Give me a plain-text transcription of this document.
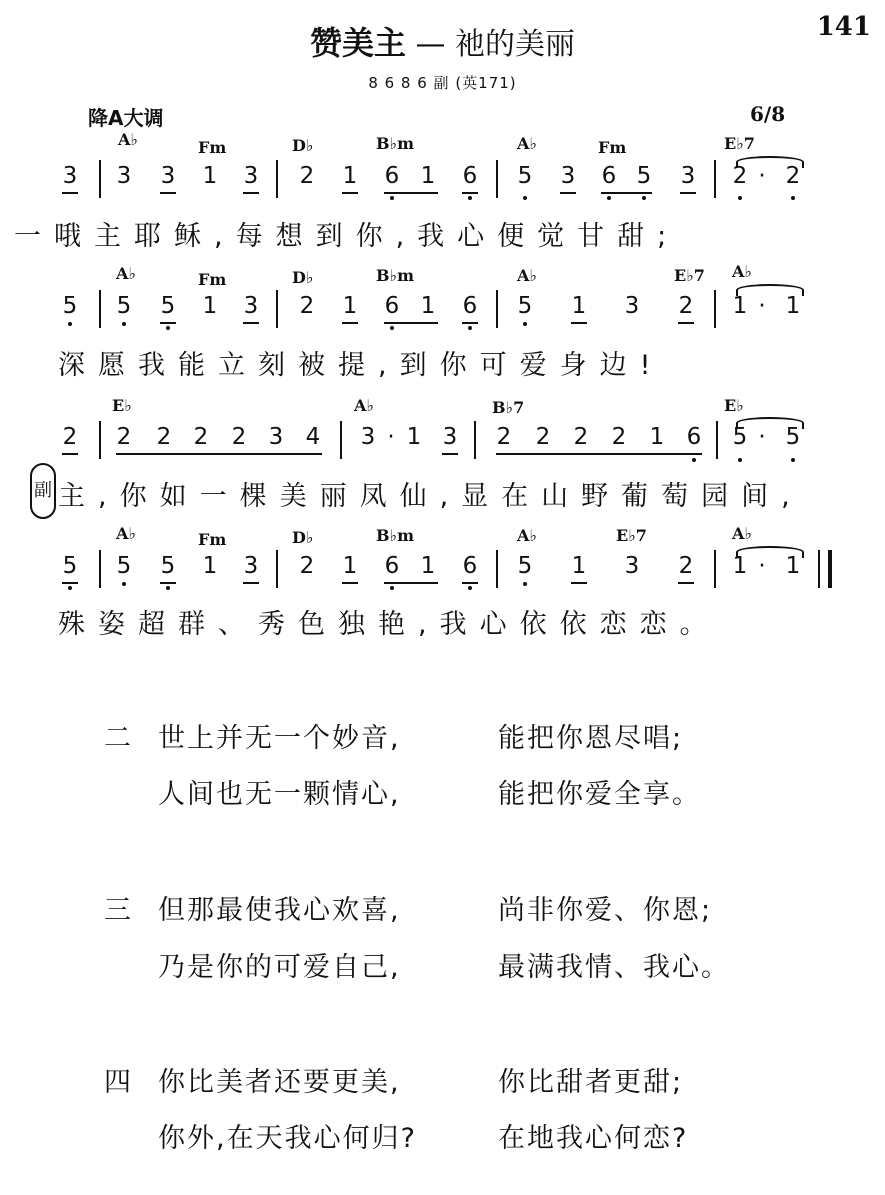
赞美主 — 祂的美丽	141
8 6 8 6 副 (英171)
降A大调	6/8
A♭	Fm	D♭	B♭m	A♭	Fm	E♭7
3 3 3 1 3 2 1 6 1 6 5 3 6 5 3 2 · 2
一哦主耶稣,每想到你,我心便觉甘甜;
A♭	Fm	D♭	B♭m	A♭	E♭7 A♭
5 5 5 1 3 2 1 6 1 6 5 1 3 2 1 · 1
深愿我能立刻被提,到你可爱身边!
E♭	A♭	B♭7	E♭
2 2 2 2 2 3 4 3 · 1 3 2 2 2 2 1 6 5 · 5
副 主,你如一棵美丽凤仙,显在山野葡萄园间,
A♭	Fm	D♭	B♭m	A♭	E♭7	A♭
5 5 5 1 3 2 1 6 1 6 5 1 3 2 1 · 1
殊姿超群、秀色独艳,我心依依恋恋。
二 世上并无一个妙音,	能把你恩尽唱;
人间也无一颗情心,	能把你爱全享。
三 但那最使我心欢喜,	尚非你爱、你恩;
乃是你的可爱自己,	最满我情、我心。
四 你比美者还要更美,	你比甜者更甜;
你外,在天我心何归?	在地我心何恋?
